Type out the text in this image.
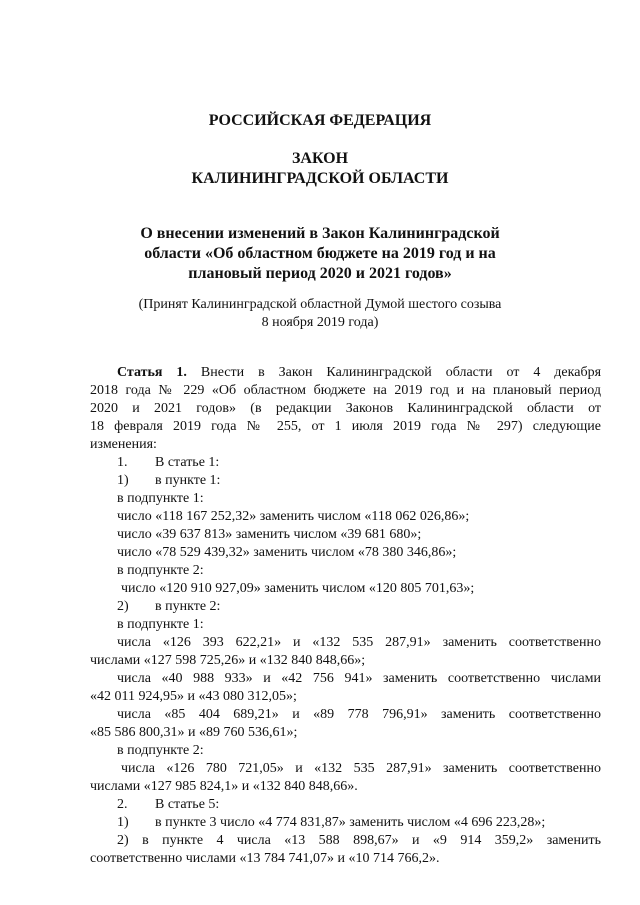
РОССИЙСКАЯ ФЕДЕРАЦИЯ
ЗАКОН
КАЛИНИНГРАДСКОЙ ОБЛАСТИ
О внесении изменений в Закон Калининградской
области «Об областном бюджете на 2019 год и на
плановый период 2020 и 2021 годов»
(Принят Калининградской областной Думой шестого созыва
8 ноября 2019 года)
Статья 1. Внести в Закон Калининградской области от 4 декабря
2018 года № 229 «Об областном бюджете на 2019 год и на плановый период
2020 и 2021 годов» (в редакции Законов Калининградской области от
18 февраля 2019 года № 255, от 1 июля 2019 года № 297) следующие
изменения:
1. В статье 1:
1) в пункте 1:
в подпункте 1:
число «118 167 252,32» заменить числом «118 062 026,86»;
число «39 637 813» заменить числом «39 681 680»;
число «78 529 439,32» заменить числом «78 380 346,86»;
в подпункте 2:
число «120 910 927,09» заменить числом «120 805 701,63»;
2) в пункте 2:
в подпункте 1:
числа «126 393 622,21» и «132 535 287,91» заменить соответственно
числами «127 598 725,26» и «132 840 848,66»;
числа «40 988 933» и «42 756 941» заменить соответственно числами
«42 011 924,95» и «43 080 312,05»;
числа «85 404 689,21» и «89 778 796,91» заменить соответственно
«85 586 800,31» и «89 760 536,61»;
в подпункте 2:
числа «126 780 721,05» и «132 535 287,91» заменить соответственно
числами «127 985 824,1» и «132 840 848,66».
2. В статье 5:
1) в пункте 3 число «4 774 831,87» заменить числом «4 696 223,28»;
2) в пункте 4 числа «13 588 898,67» и «9 914 359,2» заменить
соответственно числами «13 784 741,07» и «10 714 766,2».
